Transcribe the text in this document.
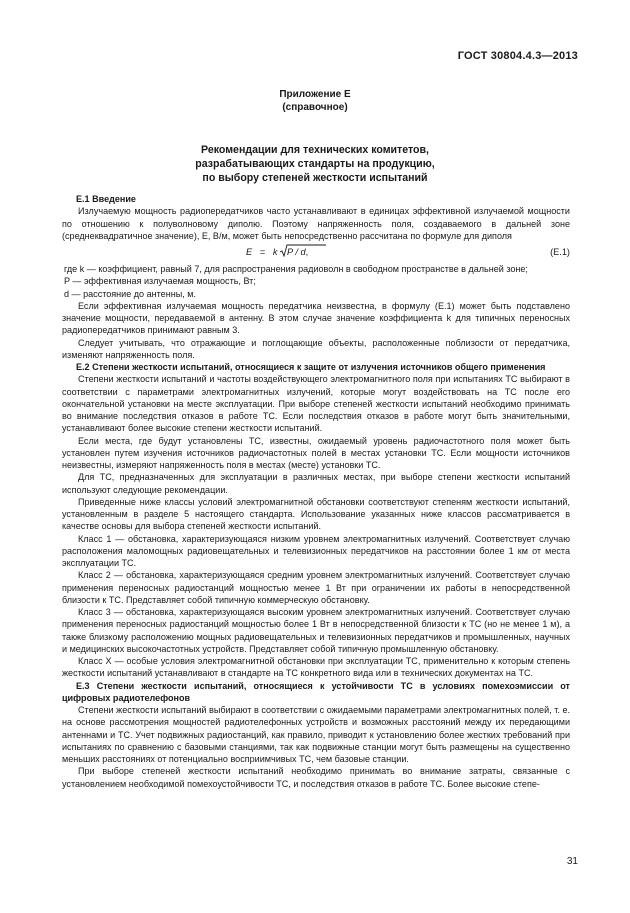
ГОСТ 30804.4.3—2013
Приложение Е
(справочное)
Рекомендации для технических комитетов,
разрабатывающих стандарты на продукцию,
по выбору степеней жесткости испытаний

Е.1 Введение

Излучаемую мощность радиопередатчиков часто устанавливают в единицах эффективной излучаемой мощности по отношению к полуволновому диполю. Поэтому напряженность поля, создаваемого в дальней зоне (среднеквадратичное значение), Е, В/м, может быть непосредственно рассчитана по формуле для диполя

E = k P / d,	(E.1)

где k — коэффициент, равный 7, для распространения радиоволн в свободном пространстве в дальней зоне;

P — эффективная излучаемая мощность, Вт;

d — расстояние до антенны, м.

Если эффективная излучаемая мощность передатчика неизвестна, в формулу (Е.1) может быть подставлено значение мощности, передаваемой в антенну. В этом случае значение коэффициента k для типичных переносных радиопередатчиков принимают равным 3.

Следует учитывать, что отражающие и поглощающие объекты, расположенные поблизости от передатчика, изменяют напряженность поля.

Е.2 Степени жесткости испытаний, относящиеся к защите от излучения источников общего применения

Степени жесткости испытаний и частоты воздействующего электромагнитного поля при испытаниях ТС выбирают в соответствии с параметрами электромагнитных излучений, которые могут воздействовать на ТС после его окончательной установки на месте эксплуатации. При выборе степеней жесткости испытаний необходимо принимать во внимание последствия отказов в работе ТС. Если последствия отказов в работе могут быть значительными, устанавливают более высокие степени жесткости испытаний.

Если места, где будут установлены ТС, известны, ожидаемый уровень радиочастотного поля может быть установлен путем изучения источников радиочастотных полей в местах установки ТС. Если мощности источников неизвестны, измеряют напряженность поля в местах (месте) установки ТС.

Для ТС, предназначенных для эксплуатации в различных местах, при выборе степени жесткости испытаний используют следующие рекомендации.

Приведенные ниже классы условий электромагнитной обстановки соответствуют степеням жесткости испытаний, установленным в разделе 5 настоящего стандарта. Использование указанных ниже классов рассматривается в качестве основы для выбора степеней жесткости испытаний.

Класс 1 — обстановка, характеризующаяся низким уровнем электромагнитных излучений. Соответствует случаю расположения маломощных радиовещательных и телевизионных передатчиков на расстоянии более 1 км от места эксплуатации ТС.

Класс 2 — обстановка, характеризующаяся средним уровнем электромагнитных излучений. Соответствует случаю применения переносных радиостанций мощностью менее 1 Вт при ограничении их работы в непосредственной близости к ТС. Представляет собой типичную коммерческую обстановку.

Класс 3 — обстановка, характеризующаяся высоким уровнем электромагнитных излучений. Соответствует случаю применения переносных радиостанций мощностью более 1 Вт в непосредственной близости к ТС (но не менее 1 м), а также близкому расположению мощных радиовещательных и телевизионных передатчиков и промышленных, научных и медицинских высокочастотных устройств. Представляет собой типичную промышленную обстановку.

Класс X — особые условия электромагнитной обстановки при эксплуатации ТС, применительно к которым степень жесткости испытаний устанавливают в стандарте на ТС конкретного вида или в технических документах на ТС.

Е.3 Степени жесткости испытаний, относящиеся к устойчивости ТС в условиях помехоэмиссии от цифровых радиотелефонов

Степени жесткости испытаний выбирают в соответствии с ожидаемыми параметрами электромагнитных полей, т. е. на основе рассмотрения мощностей радиотелефонных устройств и возможных расстояний между их передающими антеннами и ТС. Учет подвижных радиостанций, как правило, приводит к установлению более жестких требований при испытаниях по сравнению с базовыми станциями, так как подвижные станции могут быть размещены на существенно меньших расстояниях от потенциально восприимчивых ТС, чем базовые станции.

При выборе степеней жесткости испытаний необходимо принимать во внимание затраты, связанные с установлением необходимой помехоустойчивости ТС, и последствия отказов в работе ТС. Более высокие степе-

31
